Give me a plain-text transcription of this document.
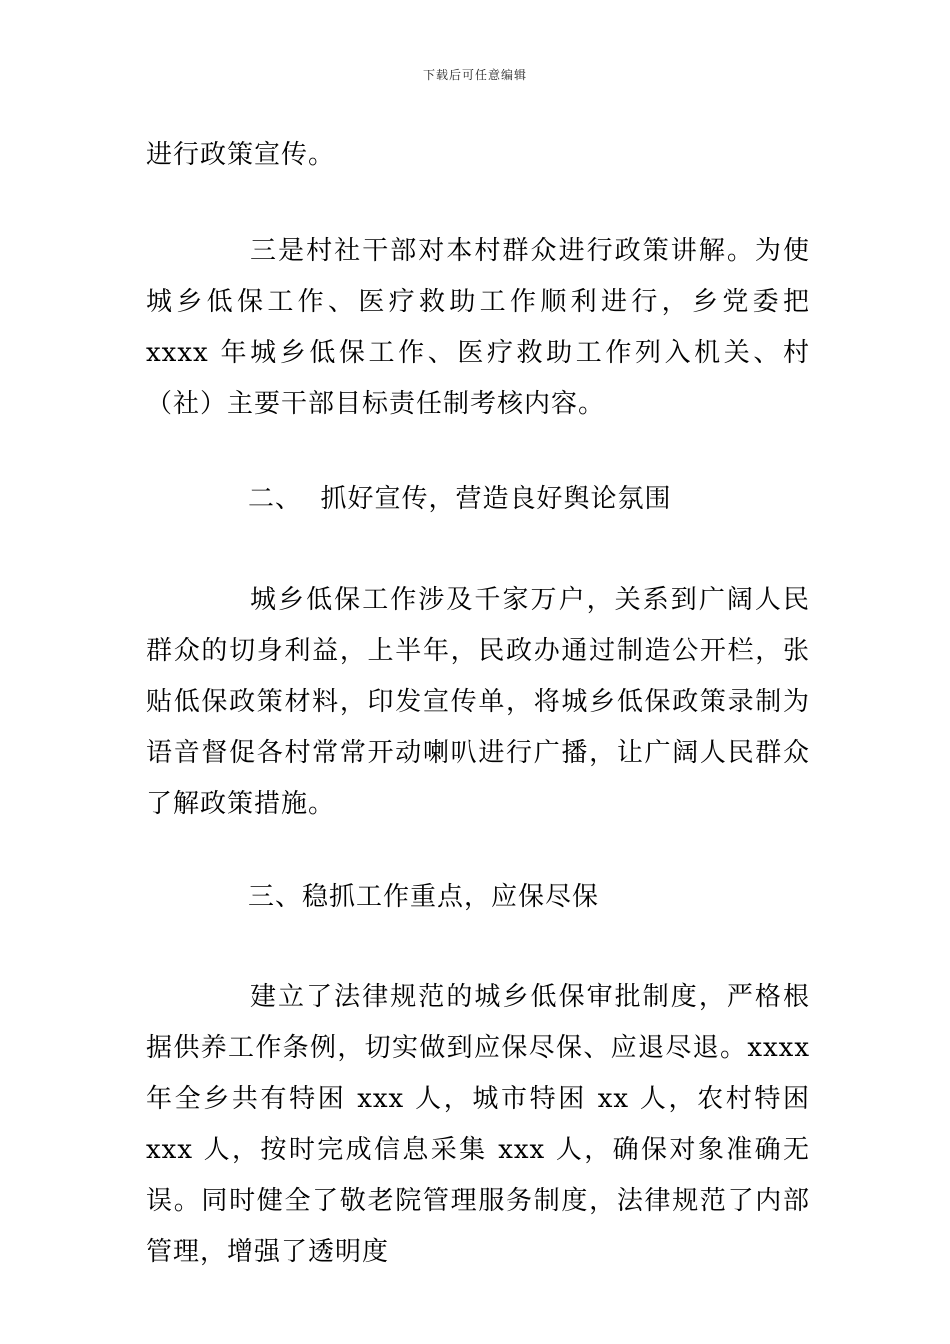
下载后可任意编辑

进行政策宣传。

三是村社干部对本村群众进行政策讲解。为使城乡低保工作、医疗救助工作顺利进行，乡党委把 xxxx 年城乡低保工作、医疗救助工作列入机关、村（社）主要干部目标责任制考核内容。

二、  抓好宣传，营造良好舆论氛围

城乡低保工作涉及千家万户，关系到广阔人民群众的切身利益，上半年，民政办通过制造公开栏，张贴低保政策材料，印发宣传单，将城乡低保政策录制为语音督促各村常常开动喇叭进行广播，让广阔人民群众了解政策措施。

三、稳抓工作重点，应保尽保

建立了法律规范的城乡低保审批制度，严格根据供养工作条例，切实做到应保尽保、应退尽退。xxxx 年全乡共有特困 xxx 人，城市特困 xx 人，农村特困 xxx 人，按时完成信息采集 xxx 人，确保对象准确无误。同时健全了敬老院管理服务制度，法律规范了内部管理，增强了透明度
